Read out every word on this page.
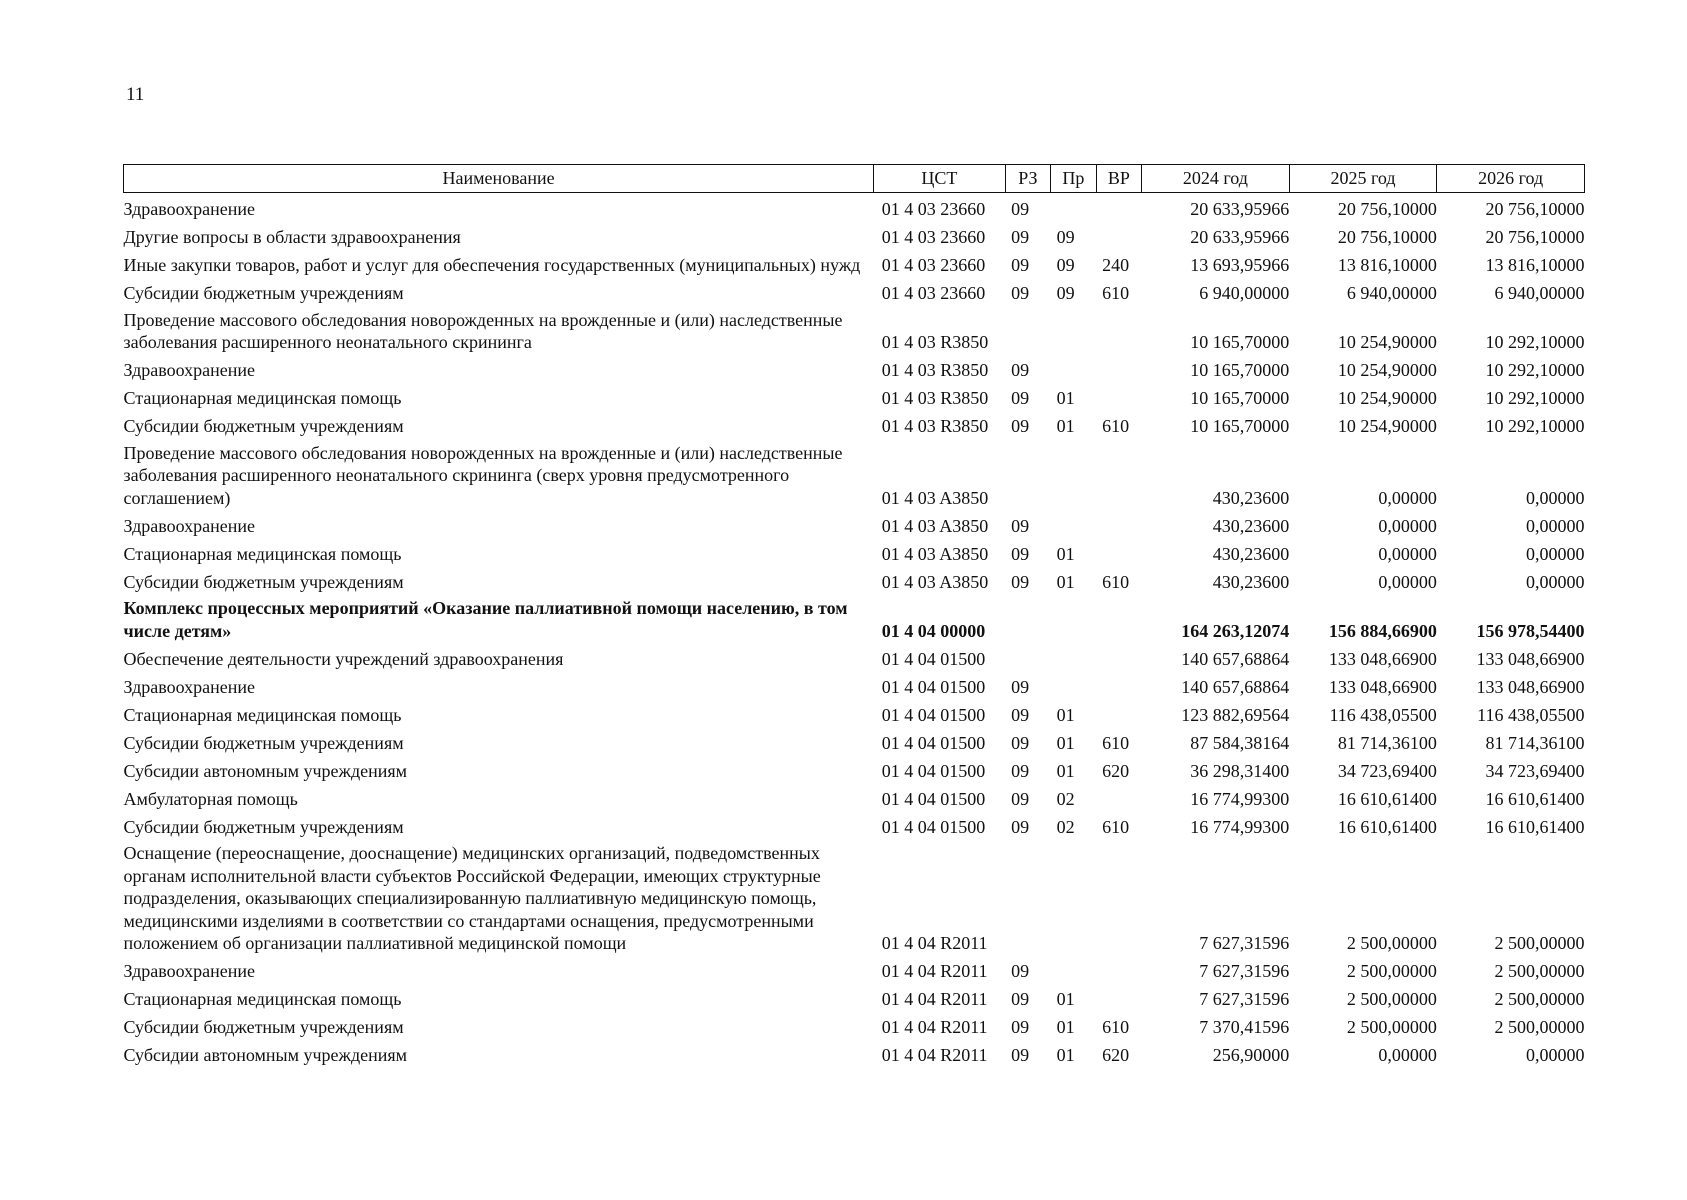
11
Наименование	ЦСТ	РЗ	Пр	ВР	2024 год	2025 год	2026 год
Здравоохранение	01 4 03 23660	09			20 633,95966	20 756,10000	20 756,10000
Другие вопросы в области здравоохранения	01 4 03 23660	09	09		20 633,95966	20 756,10000	20 756,10000
Иные закупки товаров, работ и услуг для обеспечения государственных (муниципальных) нужд	01 4 03 23660	09	09	240	13 693,95966	13 816,10000	13 816,10000
Субсидии бюджетным учреждениям	01 4 03 23660	09	09	610	6 940,00000	6 940,00000	6 940,00000
Проведение массового обследования новорожденных на врожденные и (или) наследственные заболевания расширенного неонатального скрининга	01 4 03 R3850				10 165,70000	10 254,90000	10 292,10000
Здравоохранение	01 4 03 R3850	09			10 165,70000	10 254,90000	10 292,10000
Стационарная медицинская помощь	01 4 03 R3850	09	01		10 165,70000	10 254,90000	10 292,10000
Субсидии бюджетным учреждениям	01 4 03 R3850	09	01	610	10 165,70000	10 254,90000	10 292,10000
Проведение массового обследования новорожденных на врожденные и (или) наследственные заболевания расширенного неонатального скрининга (сверх уровня предусмотренного соглашением)	01 4 03 A3850				430,23600	0,00000	0,00000
Здравоохранение	01 4 03 A3850	09			430,23600	0,00000	0,00000
Стационарная медицинская помощь	01 4 03 A3850	09	01		430,23600	0,00000	0,00000
Субсидии бюджетным учреждениям	01 4 03 A3850	09	01	610	430,23600	0,00000	0,00000
Комплекс процессных мероприятий «Оказание паллиативной помощи населению, в том числе детям»	01 4 04 00000				164 263,12074	156 884,66900	156 978,54400
Обеспечение деятельности учреждений здравоохранения	01 4 04 01500				140 657,68864	133 048,66900	133 048,66900
Здравоохранение	01 4 04 01500	09			140 657,68864	133 048,66900	133 048,66900
Стационарная медицинская помощь	01 4 04 01500	09	01		123 882,69564	116 438,05500	116 438,05500
Субсидии бюджетным учреждениям	01 4 04 01500	09	01	610	87 584,38164	81 714,36100	81 714,36100
Субсидии автономным учреждениям	01 4 04 01500	09	01	620	36 298,31400	34 723,69400	34 723,69400
Амбулаторная помощь	01 4 04 01500	09	02		16 774,99300	16 610,61400	16 610,61400
Субсидии бюджетным учреждениям	01 4 04 01500	09	02	610	16 774,99300	16 610,61400	16 610,61400
Оснащение (переоснащение, дооснащение) медицинских организаций, подведомственных органам исполнительной власти субъектов Российской Федерации, имеющих структурные подразделения, оказывающих специализированную паллиативную медицинскую помощь, медицинскими изделиями в соответствии со стандартами оснащения, предусмотренными положением об организации паллиативной медицинской помощи	01 4 04 R2011				7 627,31596	2 500,00000	2 500,00000
Здравоохранение	01 4 04 R2011	09			7 627,31596	2 500,00000	2 500,00000
Стационарная медицинская помощь	01 4 04 R2011	09	01		7 627,31596	2 500,00000	2 500,00000
Субсидии бюджетным учреждениям	01 4 04 R2011	09	01	610	7 370,41596	2 500,00000	2 500,00000
Субсидии автономным учреждениям	01 4 04 R2011	09	01	620	256,90000	0,00000	0,00000
